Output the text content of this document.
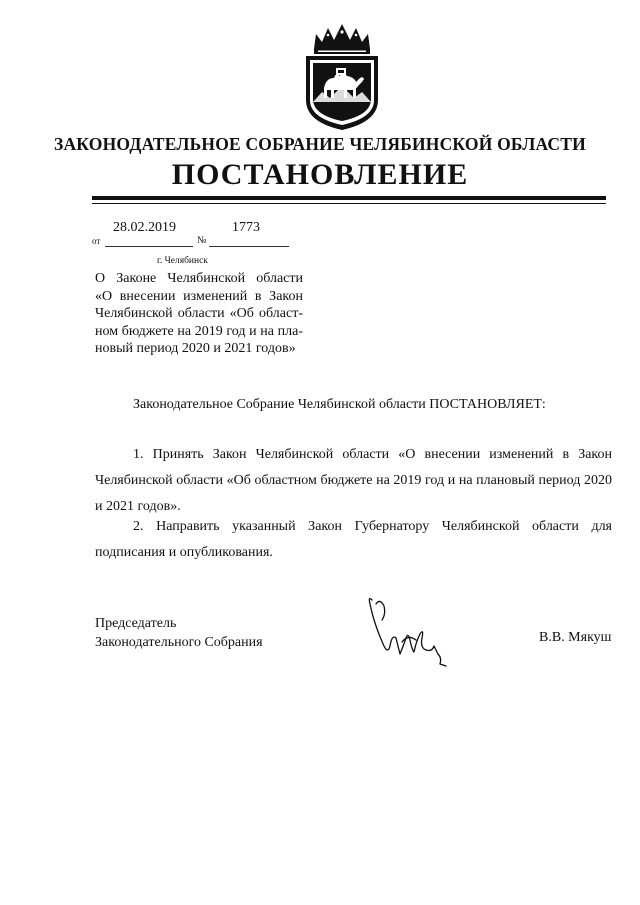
ЗАКОНОДАТЕЛЬНОЕ СОБРАНИЕ ЧЕЛЯБИНСКОЙ ОБЛАСТИ
ПОСТАНОВЛЕНИЕ
28.02.2019	1773
от	№
г. Челябинск
О Законе Челябинской области
«О внесении изменений в Закон
Челябинской области «Об област-
ном бюджете на 2019 год и на пла-
новый период 2020 и 2021 годов»
Законодательное Собрание Челябинской области ПОСТАНОВЛЯЕТ:
1. Принять Закон Челябинской области «О внесении изменений в Закон
Челябинской области «Об областном бюджете на 2019 год и на плановый период 2020
и 2021 годов».
2. Направить указанный Закон Губернатору Челябинской области для
подписания и опубликования.
Председатель
Законодательного Собрания	В.В. Мякуш
